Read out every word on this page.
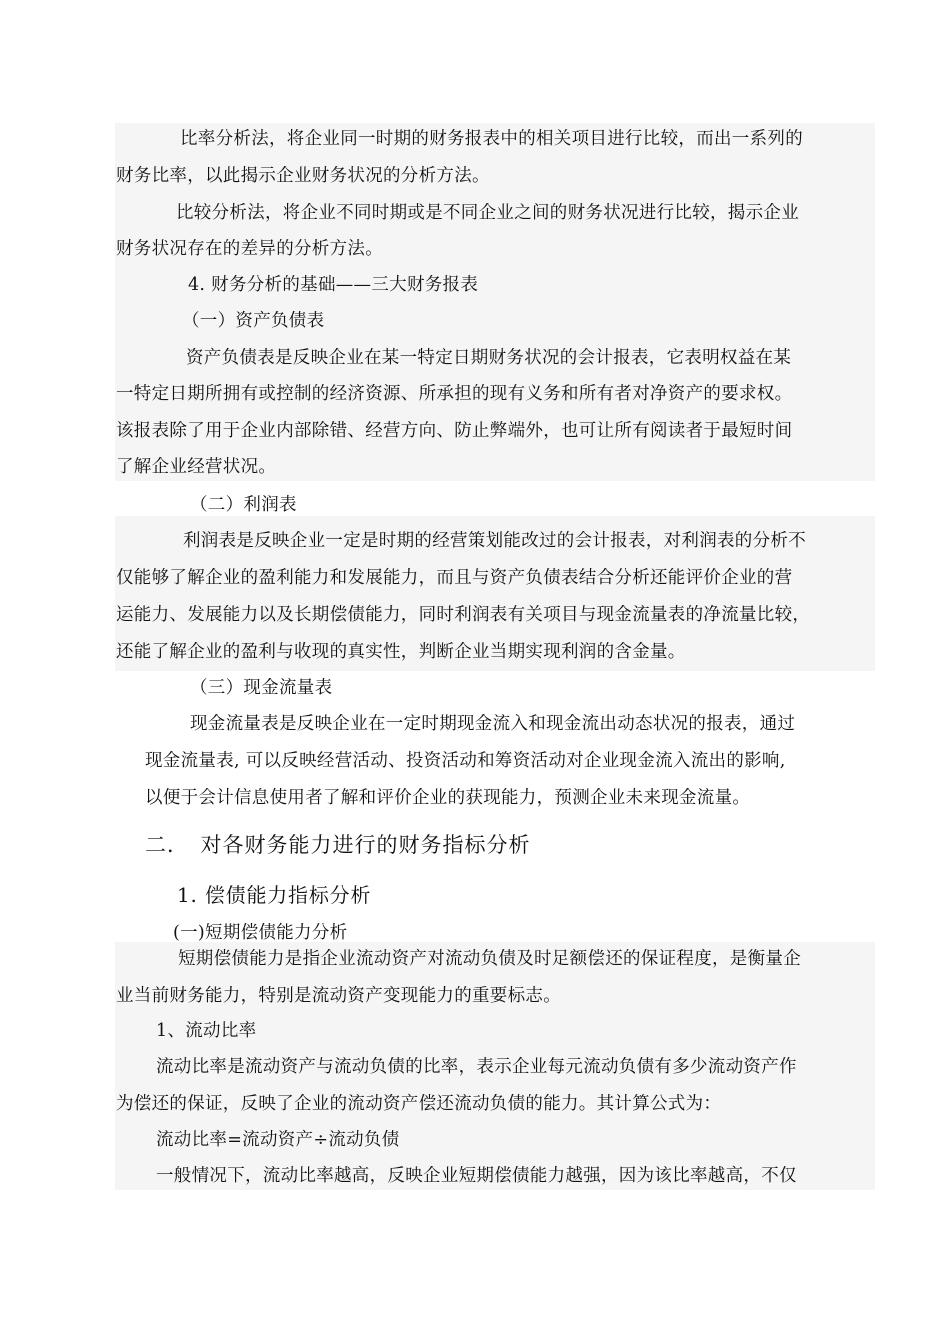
比率分析法，将企业同一时期的财务报表中的相关项目进行比较，而出一系列的
财务比率，以此揭示企业财务状况的分析方法。
比较分析法，将企业不同时期或是不同企业之间的财务状况进行比较，揭示企业
财务状况存在的差异的分析方法。
4. 财务分析的基础——三大财务报表
（一）资产负债表
资产负债表是反映企业在某一特定日期财务状况的会计报表，它表明权益在某
一特定日期所拥有或控制的经济资源、所承担的现有义务和所有者对净资产的要求权。
该报表除了用于企业内部除错、经营方向、防止弊端外，也可让所有阅读者于最短时间
了解企业经营状况。
（二）利润表
利润表是反映企业一定是时期的经营策划能改过的会计报表，对利润表的分析不
仅能够了解企业的盈利能力和发展能力，而且与资产负债表结合分析还能评价企业的营
运能力、发展能力以及长期偿债能力，同时利润表有关项目与现金流量表的净流量比较，
还能了解企业的盈利与收现的真实性，判断企业当期实现利润的含金量。
（三）现金流量表
现金流量表是反映企业在一定时期现金流入和现金流出动态状况的报表，通过
现金流量表, 可以反映经营活动、投资活动和筹资活动对企业现金流入流出的影响,
以便于会计信息使用者了解和评价企业的获现能力，预测企业未来现金流量。
二．　对各财务能力进行的财务指标分析
1. 偿债能力指标分析
(一)短期偿债能力分析
短期偿债能力是指企业流动资产对流动负债及时足额偿还的保证程度，是衡量企
业当前财务能力，特别是流动资产变现能力的重要标志。
1、流动比率
流动比率是流动资产与流动负债的比率，表示企业每元流动负债有多少流动资产作
为偿还的保证，反映了企业的流动资产偿还流动负债的能力。其计算公式为：
流动比率=流动资产÷流动负债
一般情况下，流动比率越高，反映企业短期偿债能力越强，因为该比率越高，不仅
